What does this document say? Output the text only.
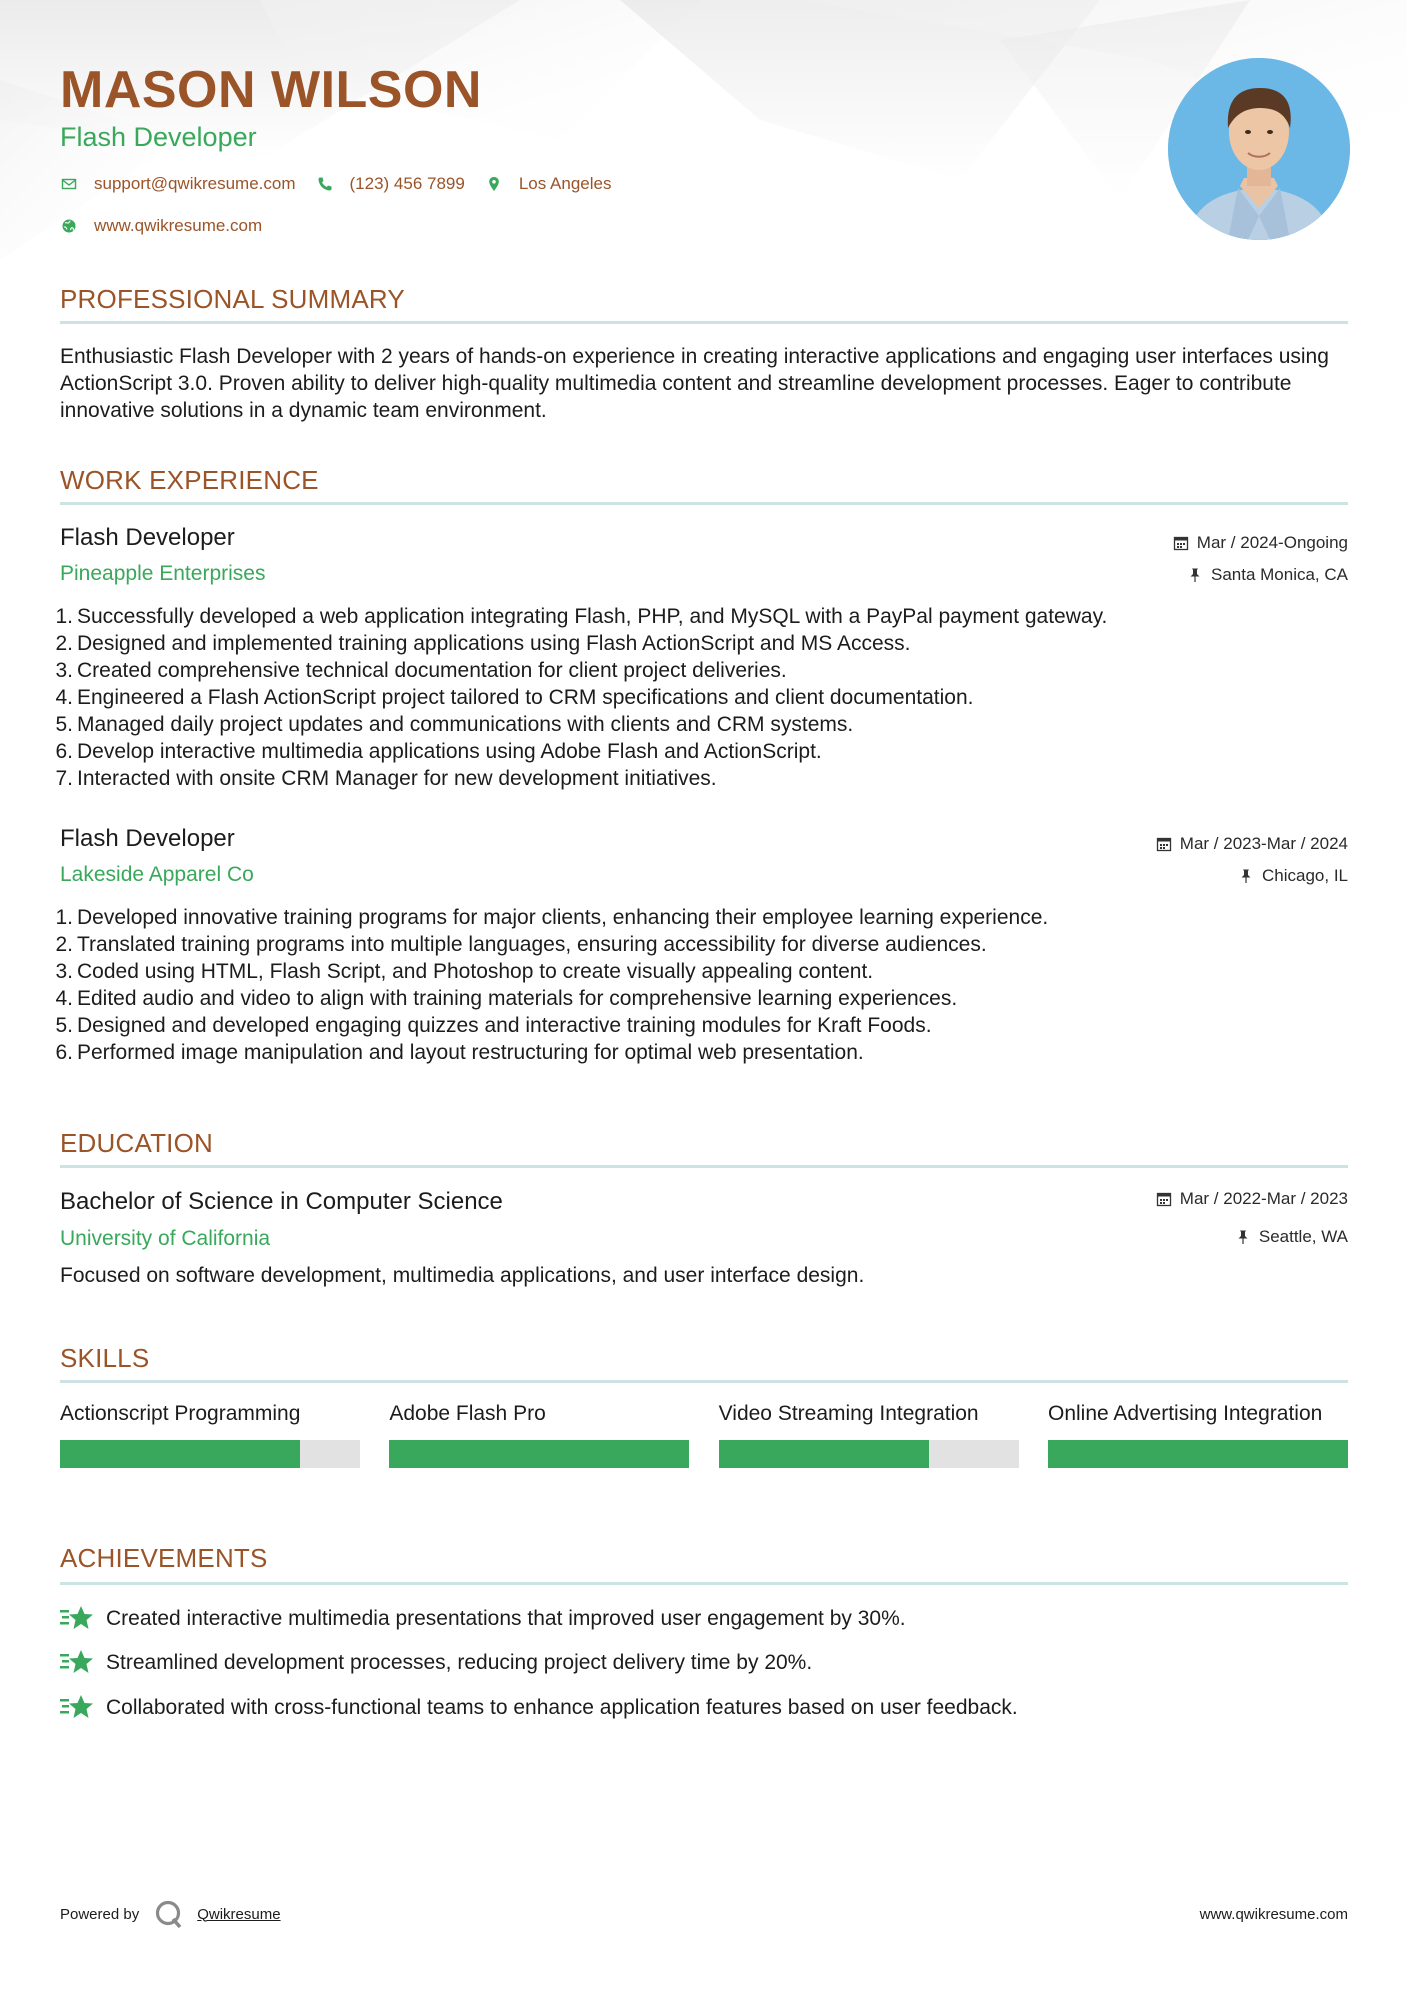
MASON WILSON
Flash Developer
support@qwikresume.com	(123) 456 7899	Los Angeles
www.qwikresume.com
PROFESSIONAL SUMMARY
Enthusiastic Flash Developer with 2 years of hands-on experience in creating interactive applications and engaging user interfaces using ActionScript 3.0. Proven ability to deliver high-quality multimedia content and streamline development processes. Eager to contribute innovative solutions in a dynamic team environment.
WORK EXPERIENCE
Flash Developer	Mar / 2024-Ongoing
Pineapple Enterprises	Santa Monica, CA
1. Successfully developed a web application integrating Flash, PHP, and MySQL with a PayPal payment gateway.
2. Designed and implemented training applications using Flash ActionScript and MS Access.
3. Created comprehensive technical documentation for client project deliveries.
4. Engineered a Flash ActionScript project tailored to CRM specifications and client documentation.
5. Managed daily project updates and communications with clients and CRM systems.
6. Develop interactive multimedia applications using Adobe Flash and ActionScript.
7. Interacted with onsite CRM Manager for new development initiatives.
Flash Developer	Mar / 2023-Mar / 2024
Lakeside Apparel Co	Chicago, IL
1. Developed innovative training programs for major clients, enhancing their employee learning experience.
2. Translated training programs into multiple languages, ensuring accessibility for diverse audiences.
3. Coded using HTML, Flash Script, and Photoshop to create visually appealing content.
4. Edited audio and video to align with training materials for comprehensive learning experiences.
5. Designed and developed engaging quizzes and interactive training modules for Kraft Foods.
6. Performed image manipulation and layout restructuring for optimal web presentation.
EDUCATION
Bachelor of Science in Computer Science	Mar / 2022-Mar / 2023
University of California	Seattle, WA
Focused on software development, multimedia applications, and user interface design.
SKILLS
Actionscript Programming	Adobe Flash Pro	Video Streaming Integration	Online Advertising Integration
ACHIEVEMENTS
Created interactive multimedia presentations that improved user engagement by 30%.
Streamlined development processes, reducing project delivery time by 20%.
Collaborated with cross-functional teams to enhance application features based on user feedback.
Powered by	Qwikresume	www.qwikresume.com
